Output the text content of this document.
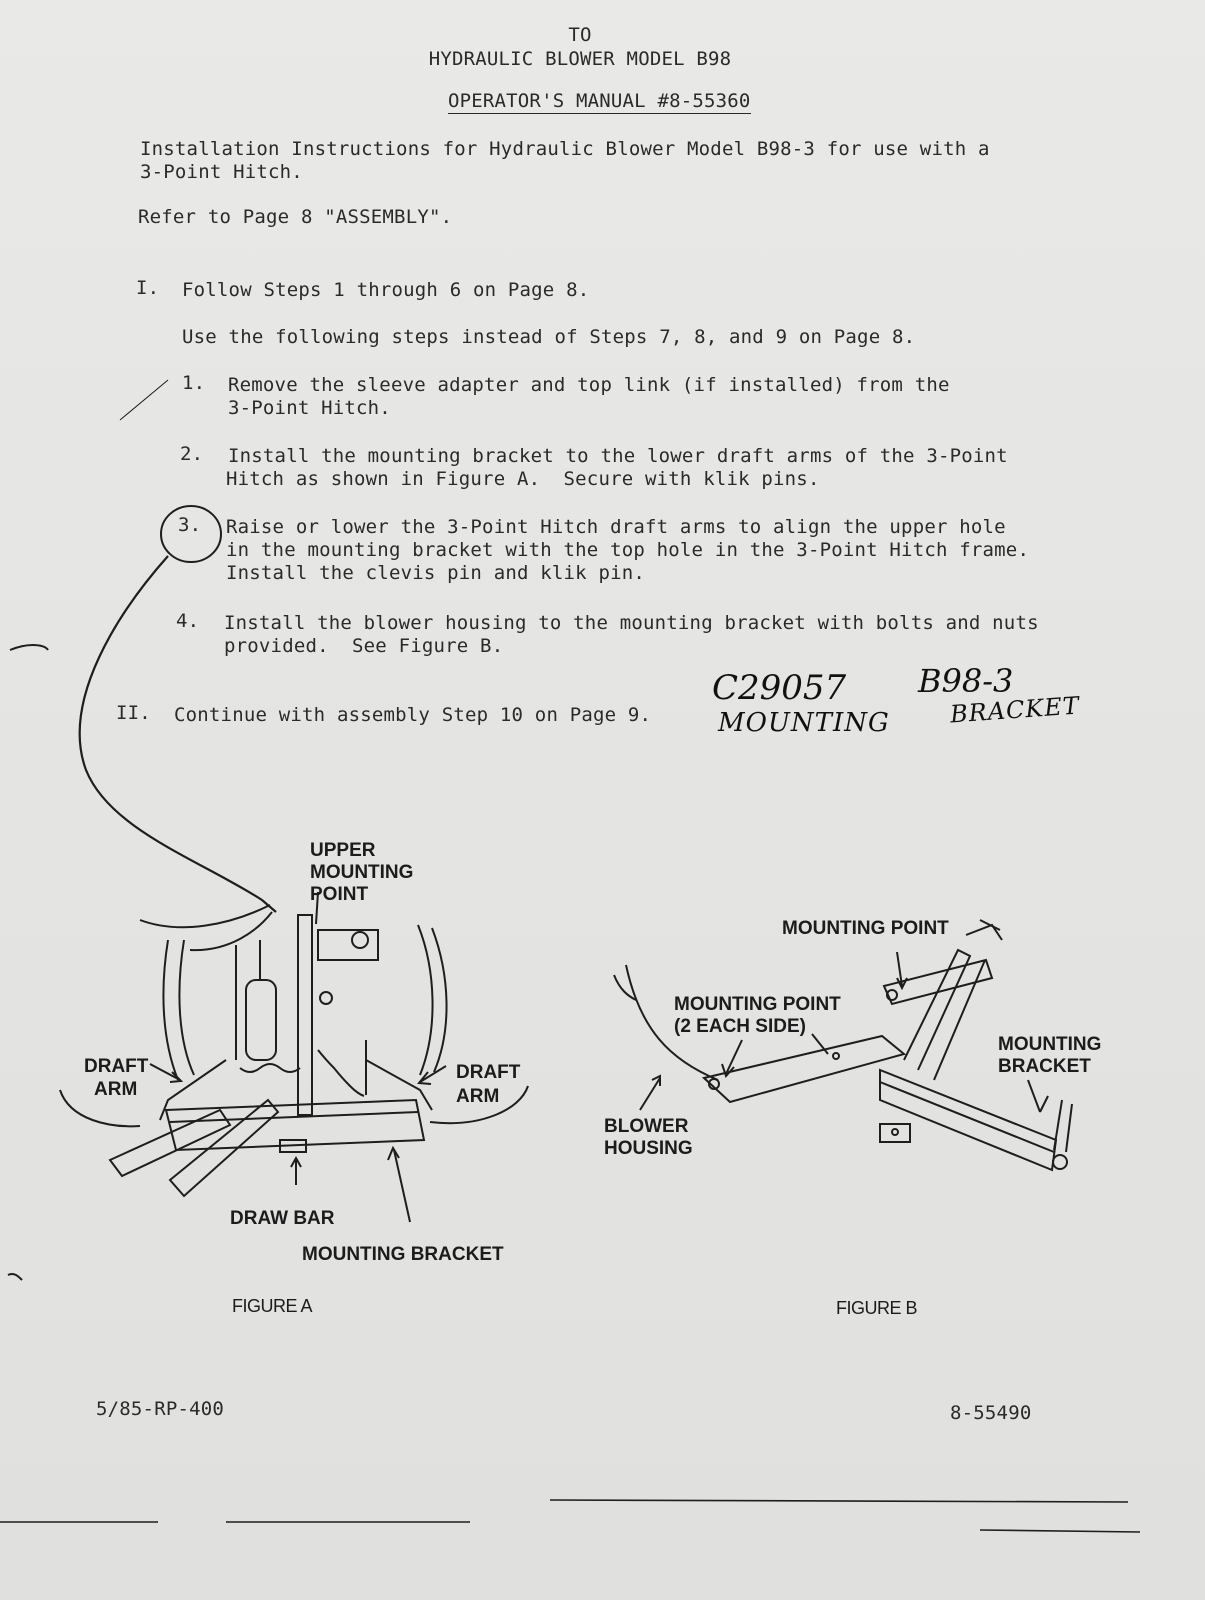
TO
HYDRAULIC BLOWER MODEL B98

OPERATOR'S MANUAL #8-55360

Installation Instructions for Hydraulic Blower Model B98-3 for use with a
3-Point Hitch.
Refer to Page 8 "ASSEMBLY".
I. Follow Steps 1 through 6 on Page 8.
Use the following steps instead of Steps 7, 8, and 9 on Page 8.
1. Remove the sleeve adapter and top link (if installed) from the
3-Point Hitch.
2. Install the mounting bracket to the lower draft arms of the 3-Point
Hitch as shown in Figure A.  Secure with klik pins.
3. Raise or lower the 3-Point Hitch draft arms to align the upper hole
in the mounting bracket with the top hole in the 3-Point Hitch frame.
Install the clevis pin and klik pin.
4. Install the blower housing to the mounting bracket with bolts and nuts
provided.  See Figure B.
II. Continue with assembly Step 10 on Page 9.
C29057 B98-3
MOUNTING BRACKET
UPPER
MOUNTING
POINT
DRAFT
ARM
DRAFT
ARM
DRAW BAR
MOUNTING BRACKET
FIGURE A
MOUNTING POINT
MOUNTING POINT
(2 EACH SIDE)
MOUNTING
BRACKET
BLOWER
HOUSING
FIGURE B
5/85-RP-400	8-55490
